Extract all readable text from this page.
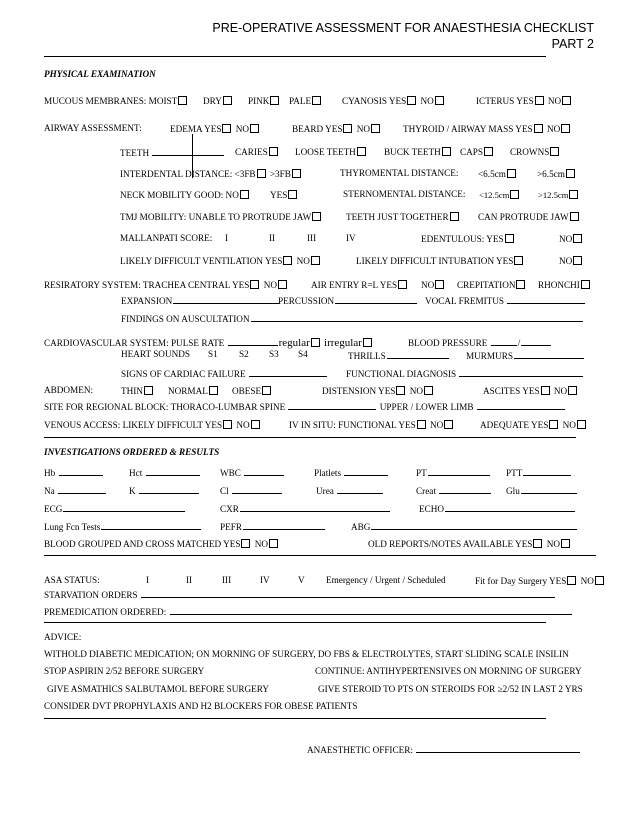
PRE-OPERATIVE ASSESSMENT FOR ANAESTHESIA CHECKLIST
PART 2
PHYSICAL EXAMINATION
MUCOUS MEMBRANES: MOIST	DRY	PINK	PALE	CYANOSIS YES NO	ICTERUS YES NO
AIRWAY ASSESSMENT:	EDEMA YES NO	BEARD YES NO	THYROID / AIRWAY MASS YES NO
TEETH	CARIES	LOOSE TEETH	BUCK TEETH	CAPS	CROWNS
INTERDENTAL DISTANCE: <3FB >3FB	THYROMENTAL DISTANCE: <6.5cm	>6.5cm
NECK MOBILITY GOOD: NO	YES	STERNOMENTAL DISTANCE: <12.5cm	>12.5cm
TMJ MOBILITY: UNABLE TO PROTRUDE JAW	TEETH JUST TOGETHER	CAN PROTRUDE JAW
MALLANPATI SCORE: I	II	III	IV	EDENTULOUS: YES	NO
LIKELY DIFFICULT VENTILATION YES NO	LIKELY DIFFICULT INTUBATION YES	NO
RESIRATORY SYSTEM: TRACHEA CENTRAL YES NO	AIR ENTRY R=L YES	NO	CREPITATION	RHONCHI
EXPANSION	PERCUSSION	VOCAL FREMITUS
FINDINGS ON AUSCULTATION
CARDIOVASCULAR SYSTEM: PULSE RATE	regular irregular	BLOOD PRESSURE	/
HEART SOUNDS S1 S2 S3 S4	THRILLS	MURMURS
SIGNS OF CARDIAC FAILURE	FUNCTIONAL DIAGNOSIS
ABDOMEN:	THIN	NORMAL	OBESE	DISTENSION YES NO	ASCITES YES NO
SITE FOR REGIONAL BLOCK: THORACO-LUMBAR SPINE	UPPER / LOWER LIMB
VENOUS ACCESS: LIKELY DIFFICULT YES NO	IV IN SITU: FUNCTIONAL YES NO	ADEQUATE YES NO
INVESTIGATIONS ORDERED & RESULTS
Hb	Hct	WBC	Platlets	PT	PTT
Na	K	Cl	Urea	Creat	Glu
ECG	CXR	ECHO
Lung Fcn Tests	PEFR	ABG
BLOOD GROUPED AND CROSS MATCHED YES NO	OLD REPORTS/NOTES AVAILABLE YES NO
ASA STATUS:	I	II	III	IV	V Emergency / Urgent / Scheduled	Fit for Day Surgery YES NO
STARVATION ORDERS
PREMEDICATION ORDERED:
ADVICE:
WITHOLD DIABETIC MEDICATION; ON MORNING OF SURGERY, DO FBS & ELECTROLYTES, START SLIDING SCALE INSILIN
STOP ASPIRIN 2/52 BEFORE SURGERY	CONTINUE: ANTIHYPERTENSIVES ON MORNING OF SURGERY
GIVE ASMATHICS SALBUTAMOL BEFORE SURGERY	GIVE STEROID TO PTS ON STEROIDS FOR ≥2/52 IN LAST 2 YRS
CONSIDER DVT PROPHYLAXIS AND H2 BLOCKERS FOR OBESE PATIENTS
ANAESTHETIC OFFICER:
